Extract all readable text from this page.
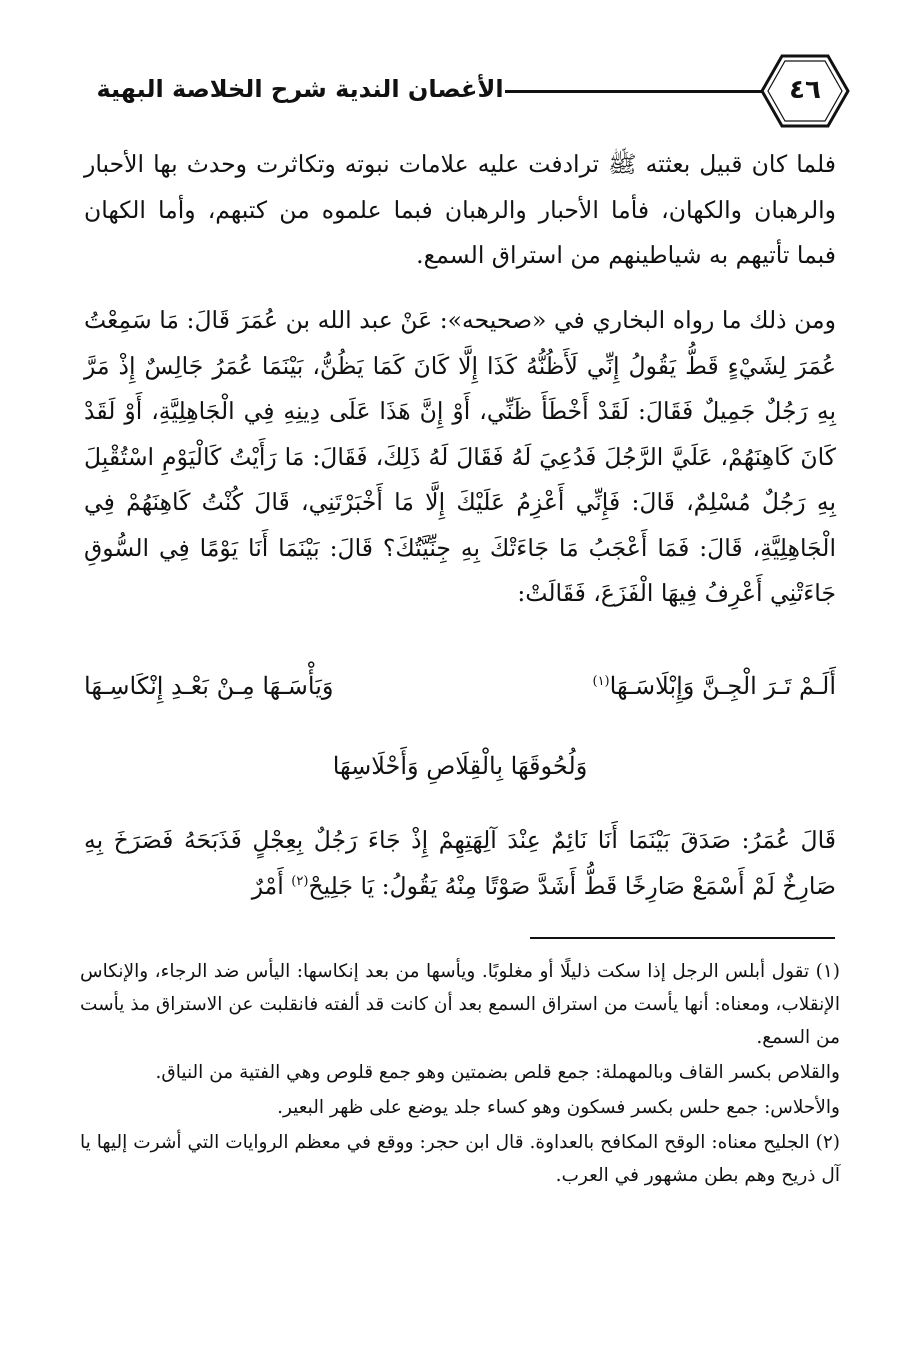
الأغصان الندية شرح الخلاصة البهية	٤٦
فلما كان قبيل بعثته ﷺ ترادفت عليه علامات نبوته وتكاثرت وحدث بها الأحبار والرهبان والكهان، فأما الأحبار والرهبان فبما علموه من كتبهم، وأما الكهان فبما تأتيهم به شياطينهم من استراق السمع.
ومن ذلك ما رواه البخاري في «صحيحه»: عَنْ عبد الله بن عُمَرَ قَالَ: مَا سَمِعْتُ عُمَرَ لِشَيْءٍ قَطُّ يَقُولُ إِنِّي لَأَظُنُّهُ كَذَا إِلَّا كَانَ كَمَا يَظُنُّ، بَيْنَمَا عُمَرُ جَالِسٌ إِذْ مَرَّ بِهِ رَجُلٌ جَمِيلٌ فَقَالَ: لَقَدْ أَخْطَأَ ظَنِّي، أَوْ إِنَّ هَذَا عَلَى دِينِهِ فِي الْجَاهِلِيَّةِ، أَوْ لَقَدْ كَانَ كَاهِنَهُمْ، عَلَيَّ الرَّجُلَ فَدُعِيَ لَهُ فَقَالَ لَهُ ذَلِكَ، فَقَالَ: مَا رَأَيْتُ كَالْيَوْمِ اسْتُقْبِلَ بِهِ رَجُلٌ مُسْلِمٌ، قَالَ: فَإِنِّي أَعْزِمُ عَلَيْكَ إِلَّا مَا أَخْبَرْتَنِي، قَالَ كُنْتُ كَاهِنَهُمْ فِي الْجَاهِلِيَّةِ، قَالَ: فَمَا أَعْجَبُ مَا جَاءَتْكَ بِهِ جِنِّيَّتُكَ؟ قَالَ: بَيْنَمَا أَنَا يَوْمًا فِي السُّوقِ جَاءَتْنِي أَعْرِفُ فِيهَا الْفَزَعَ، فَقَالَتْ:
أَلَـمْ تَـرَ الْجِـنَّ وَإِبْلَاسَـهَا$^{(١)}$
وَيَأْسَـهَا مِـنْ بَعْـدِ إِنْكَاسِـهَا
وَلُحُوقَهَا بِالْقِلَاصِ وَأَحْلَاسِهَا
قَالَ عُمَرُ: صَدَقَ بَيْنَمَا أَنَا نَائِمٌ عِنْدَ آلِهَتِهِمْ إِذْ جَاءَ رَجُلٌ بِعِجْلٍ فَذَبَحَهُ فَصَرَخَ بِهِ صَارِخٌ لَمْ أَسْمَعْ صَارِخًا قَطُّ أَشَدَّ صَوْتًا مِنْهُ يَقُولُ: يَا جَلِيحْ$^{(٢)}$ أَمْرٌ
(١) تقول أبلس الرجل إذا سكت ذليلًا أو مغلوبًا. ويأسها من بعد إنكاسها: اليأس ضد الرجاء، والإنكاس الإنقلاب، ومعناه: أنها يأست من استراق السمع بعد أن كانت قد ألفته فانقلبت عن الاستراق مذ يأست من السمع.
والقلاص بكسر القاف وبالمهملة: جمع قلص بضمتين وهو جمع قلوص وهي الفتية من النياق.
والأحلاس: جمع حلس بكسر فسكون وهو كساء جلد يوضع على ظهر البعير.
(٢) الجليح معناه: الوقح المكافح بالعداوة. قال ابن حجر: ووقع في معظم الروايات التي أشرت إليها يا آل ذريح وهم بطن مشهور في العرب.
